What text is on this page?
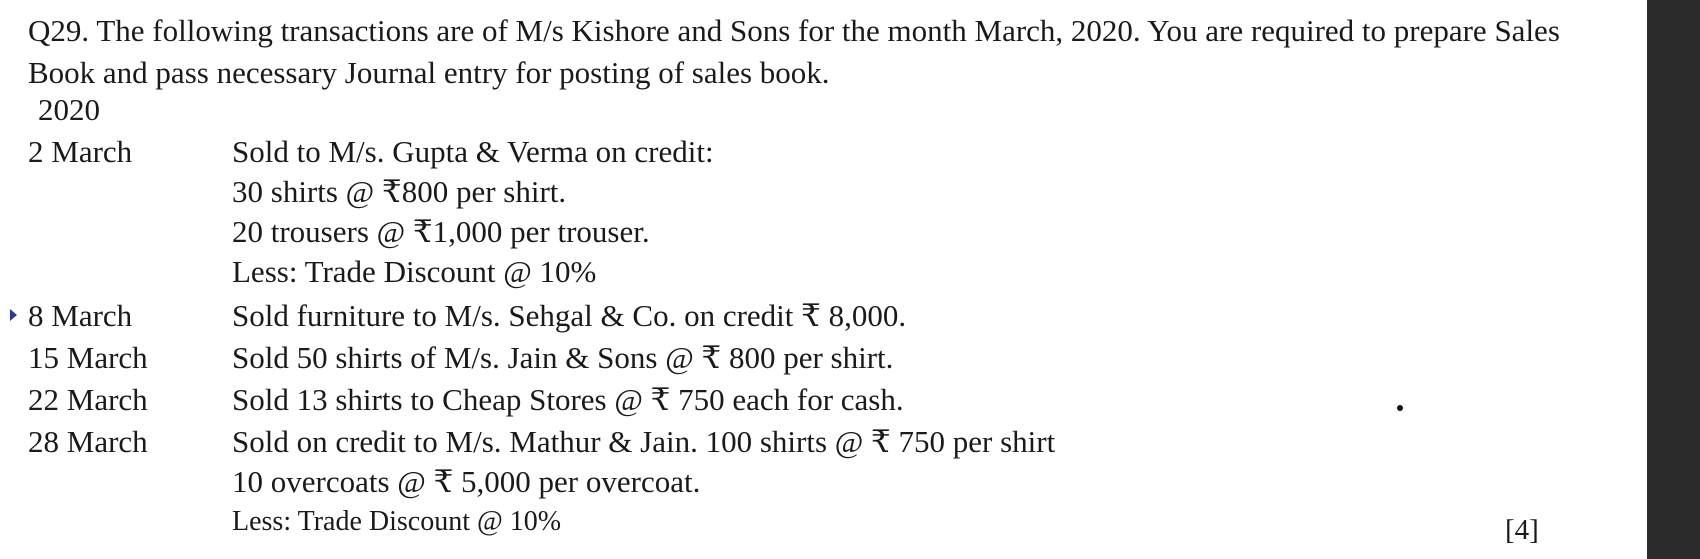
Q29. The following transactions are of M/s Kishore and Sons for the month March, 2020. You are required to prepare Sales Book and pass necessary Journal entry for posting of sales book.
2020
2 March	Sold to M/s. Gupta & Verma on credit:
30 shirts @ ₹800 per shirt.
20 trousers @ ₹1,000 per trouser.
Less: Trade Discount @ 10%
8 March	Sold furniture to M/s. Sehgal & Co. on credit ₹ 8,000.
15 March	Sold 50 shirts of M/s. Jain & Sons @ ₹ 800 per shirt.
22 March	Sold 13 shirts to Cheap Stores @ ₹ 750 each for cash.
28 March	Sold on credit to M/s. Mathur & Jain. 100 shirts @ ₹ 750 per shirt
10 overcoats @ ₹ 5,000 per overcoat.
Less: Trade Discount @ 10%	[4]
